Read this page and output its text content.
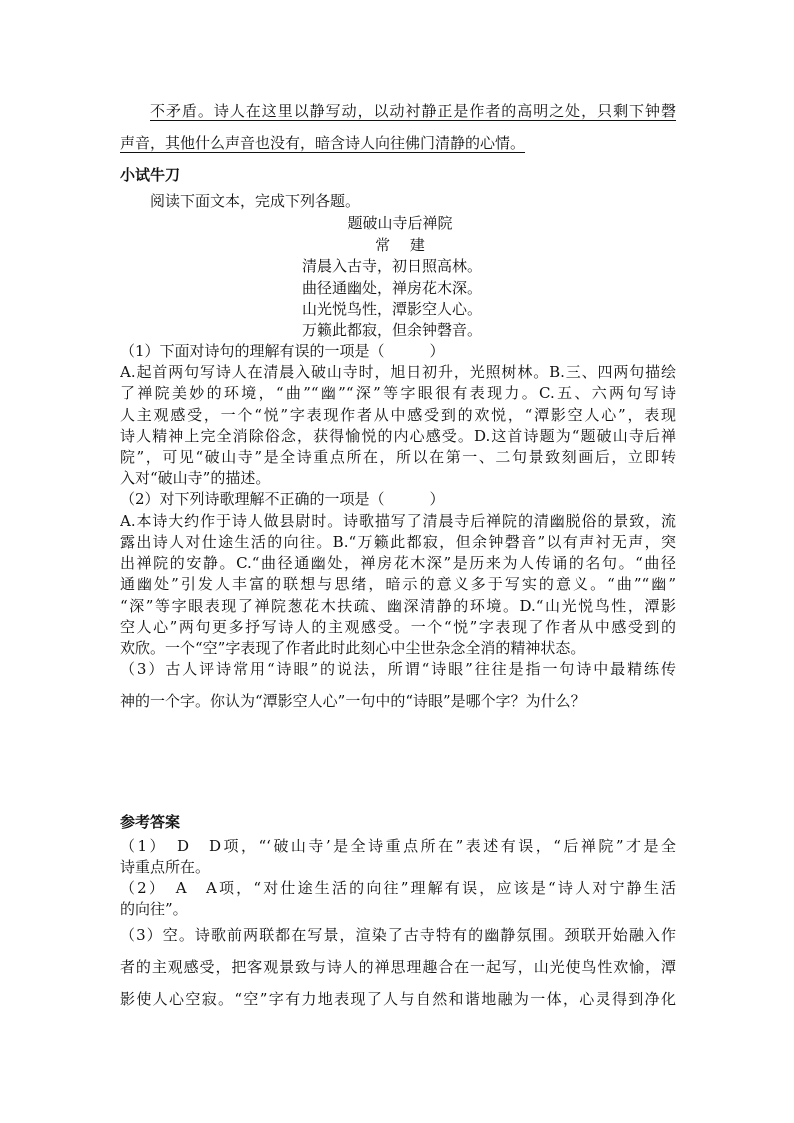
不矛盾。诗人在这里以静写动，以动衬静正是作者的高明之处，只剩下钟磬
声音，其他什么声音也没有，暗含诗人向往佛门清静的心情。
小试牛刀
阅读下面文本，完成下列各题。
题破山寺后禅院
常　 建
清晨入古寺，初日照高林。
曲径通幽处，禅房花木深。
山光悦鸟性，潭影空人心。
万籁此都寂，但余钟磬音。
（1）下面对诗句的理解有误的一项是（　　　）
A.起首两句写诗人在清晨入破山寺时，旭日初升，光照树林。B.三、四两句描绘
了禅院美妙的环境，“曲”“幽”“深”等字眼很有表现力。C.五、六两句写诗
人主观感受，一个“悦”字表现作者从中感受到的欢悦，“潭影空人心”，表现
诗人精神上完全消除俗念，获得愉悦的内心感受。D.这首诗题为“题破山寺后禅
院”，可见“破山寺”是全诗重点所在，所以在第一、二句景致刻画后，立即转
入对“破山寺”的描述。
（2）对下列诗歌理解不正确的一项是（　　　）
A.本诗大约作于诗人做县尉时。诗歌描写了清晨寺后禅院的清幽脱俗的景致，流
露出诗人对仕途生活的向往。B.“万籁此都寂，但余钟磬音”以有声衬无声，突
出禅院的安静。C.“曲径通幽处，禅房花木深”是历来为人传诵的名句。“曲径
通幽处”引发人丰富的联想与思绪，暗示的意义多于写实的意义。“曲”“幽”
“深”等字眼表现了禅院葱花木扶疏、幽深清静的环境。D.“山光悦鸟性，潭影
空人心”两句更多抒写诗人的主观感受。一个“悦”字表现了作者从中感受到的
欢欣。一个“空”字表现了作者此时此刻心中尘世杂念全消的精神状态。
（3）古人评诗常用“诗眼”的说法，所谓“诗眼”往往是指一句诗中最精练传
神的一个字。你认为“潭影空人心”一句中的“诗眼”是哪个字？为什么？
参考答案
（1）　D　D项，“‘破山寺’是全诗重点所在”表述有误，“后禅院”才是全
诗重点所在。
（2）　A　A项，“对仕途生活的向往”理解有误，应该是“诗人对宁静生活
的向往”。
（3）空。诗歌前两联都在写景，渲染了古寺特有的幽静氛围。颈联开始融入作
者的主观感受，把客观景致与诗人的禅思理趣合在一起写，山光使鸟性欢愉，潭
影使人心空寂。“空”字有力地表现了人与自然和谐地融为一体，心灵得到净化
